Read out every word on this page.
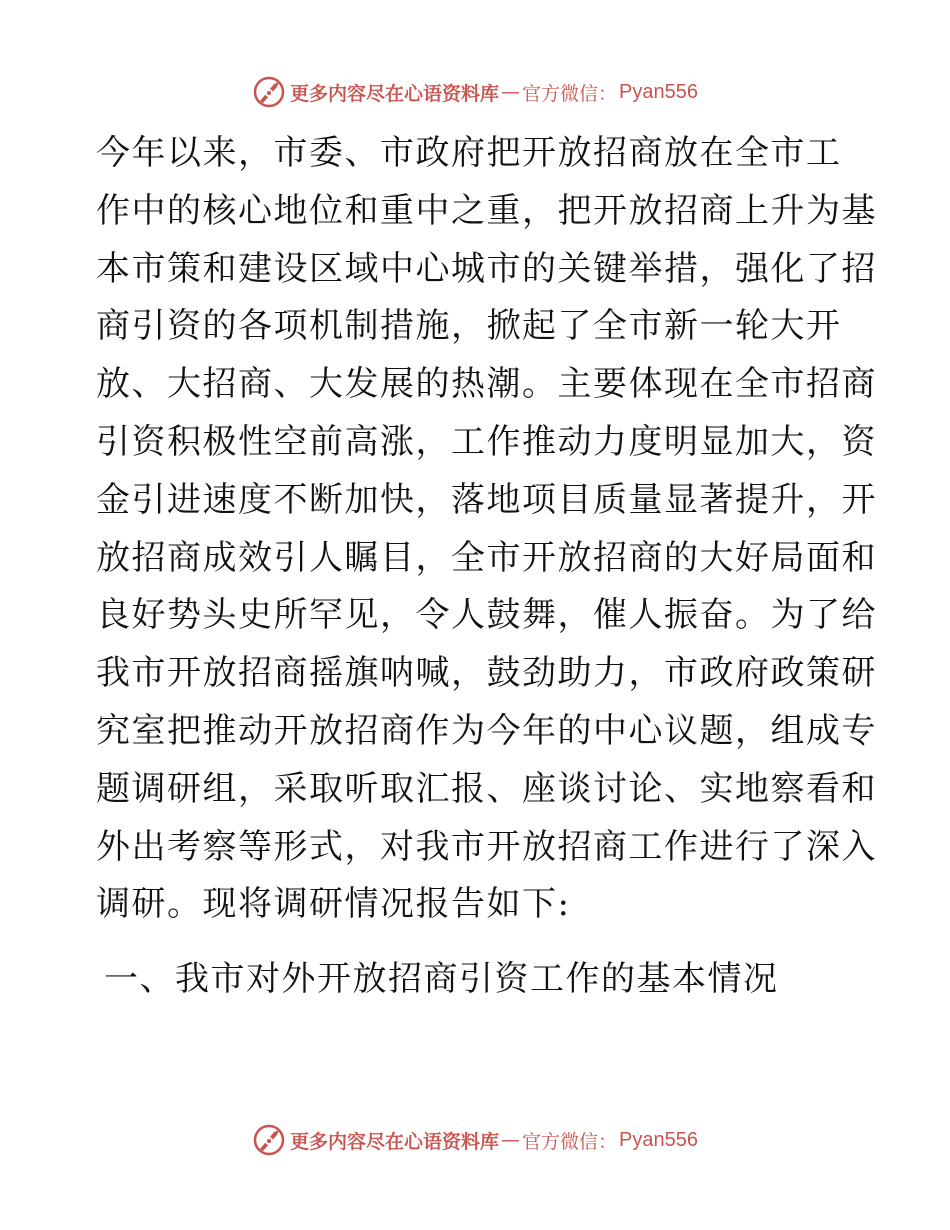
更多内容尽在心语资料库 — 官方微信： Pyan556
今年以来，市委、市政府把开放招商放在全市工
作中的核心地位和重中之重，把开放招商上升为基
本市策和建设区域中心城市的关键举措，强化了招
商引资的各项机制措施，掀起了全市新一轮大开
放、大招商、大发展的热潮。主要体现在全市招商
引资积极性空前高涨，工作推动力度明显加大，资
金引进速度不断加快，落地项目质量显著提升，开
放招商成效引人瞩目，全市开放招商的大好局面和
良好势头史所罕见，令人鼓舞，催人振奋。为了给
我市开放招商摇旗呐喊，鼓劲助力，市政府政策研
究室把推动开放招商作为今年的中心议题，组成专
题调研组，采取听取汇报、座谈讨论、实地察看和
外出考察等形式，对我市开放招商工作进行了深入
调研。现将调研情况报告如下:
一、我市对外开放招商引资工作的基本情况
更多内容尽在心语资料库 — 官方微信： Pyan556
